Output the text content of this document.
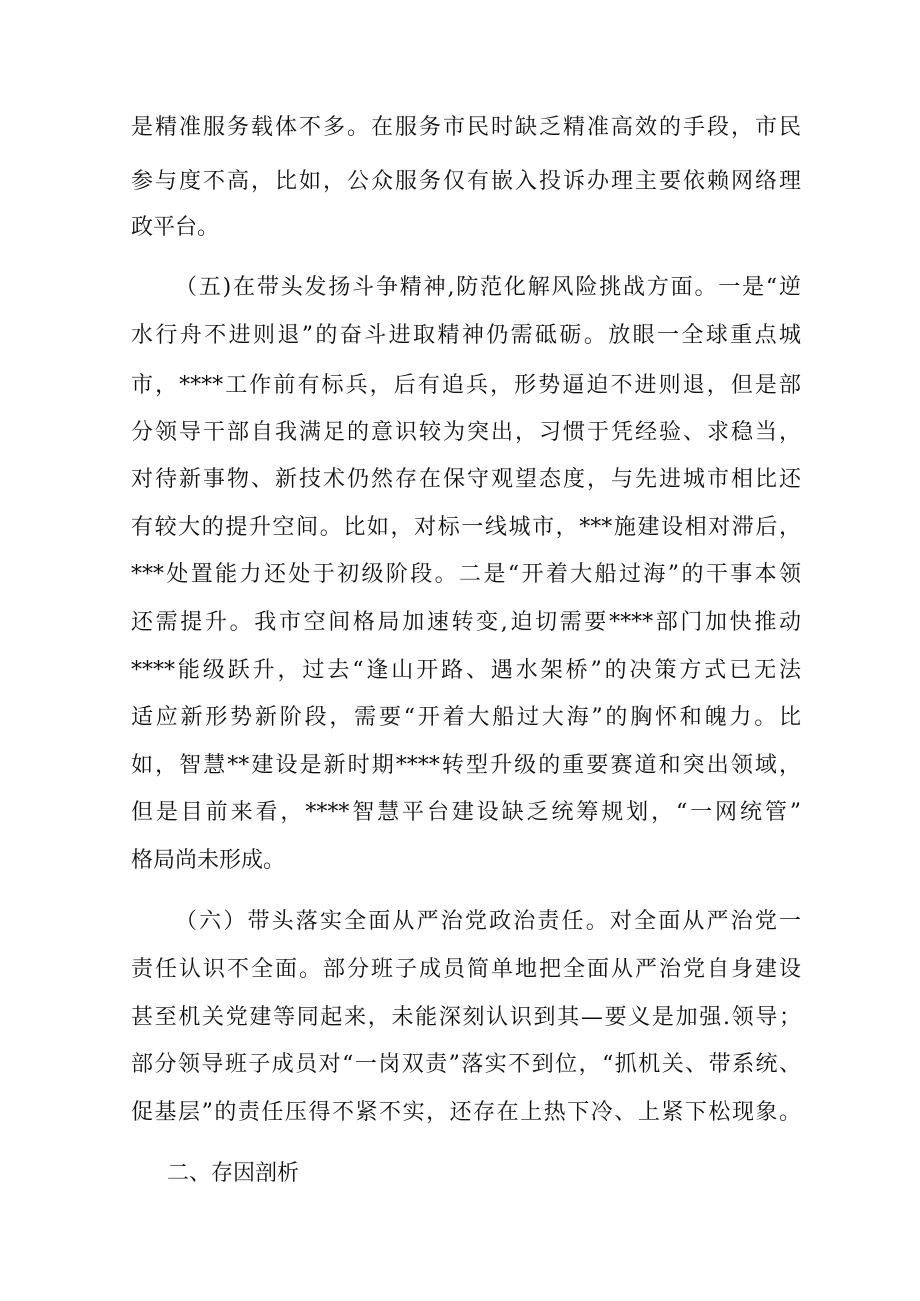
是精准服务载体不多。在服务市民时缺乏精准高效的手段，市民
参与度不高，比如，公众服务仅有嵌入投诉办理主要依赖网络理
政平台。
（五)在带头发扬斗争精神,防范化解风险挑战方面。一是“逆
水行舟不进则退”的奋斗进取精神仍需砥砺。放眼一全球重点城
市，****工作前有标兵，后有追兵，形势逼迫不进则退，但是部
分领导干部自我满足的意识较为突出，习惯于凭经验、求稳当，
对待新事物、新技术仍然存在保守观望态度，与先进城市相比还
有较大的提升空间。比如，对标一线城市，***施建设相对滞后，
***处置能力还处于初级阶段。二是“开着大船过海”的干事本领
还需提升。我市空间格局加速转变,迫切需要****部门加快推动
****能级跃升，过去“逢山开路、遇水架桥”的决策方式已无法
适应新形势新阶段，需要“开着大船过大海”的胸怀和魄力。比
如，智慧**建设是新时期****转型升级的重要赛道和突出领域，
但是目前来看，****智慧平台建设缺乏统筹规划，“一网统管”
格局尚未形成。
（六）带头落实全面从严治党政治责任。对全面从严治党一
责任认识不全面。部分班子成员简单地把全面从严治党自身建设
甚至机关党建等同起来，未能深刻认识到其—要义是加强.领导；
部分领导班子成员对“一岗双责”落实不到位，“抓机关、带系统、
促基层”的责任压得不紧不实，还存在上热下冷、上紧下松现象。
二、存因剖析
